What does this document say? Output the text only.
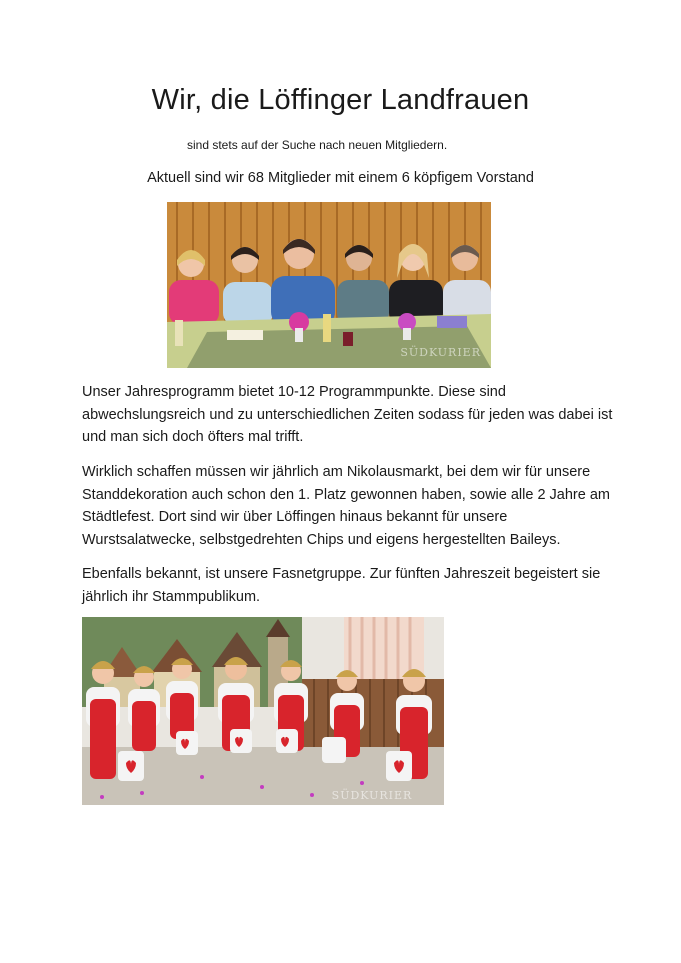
Wir, die Löffinger Landfrauen

sind stets auf der Suche nach neuen Mitgliedern.

Aktuell sind wir 68 Mitglieder mit einem 6 köpfigem Vorstand

SÜDKURIER

Unser Jahresprogramm bietet 10-12 Programmpunkte. Diese sind abwechslungsreich und zu unterschiedlichen Zeiten sodass für jeden was dabei ist und man sich doch öfters mal trifft.

Wirklich schaffen müssen wir jährlich am Nikolausmarkt, bei dem wir für unsere Standdekoration auch schon den 1. Platz gewonnen haben, sowie alle 2 Jahre am Städtlefest. Dort sind wir über Löffingen hinaus bekannt für unsere Wurstsalatwecke, selbstgedrehten Chips und eigens hergestellten Baileys.

Ebenfalls bekannt, ist unsere Fasnetgruppe. Zur fünften Jahreszeit begeistert sie jährlich ihr Stammpublikum.

SÜDKURIER
